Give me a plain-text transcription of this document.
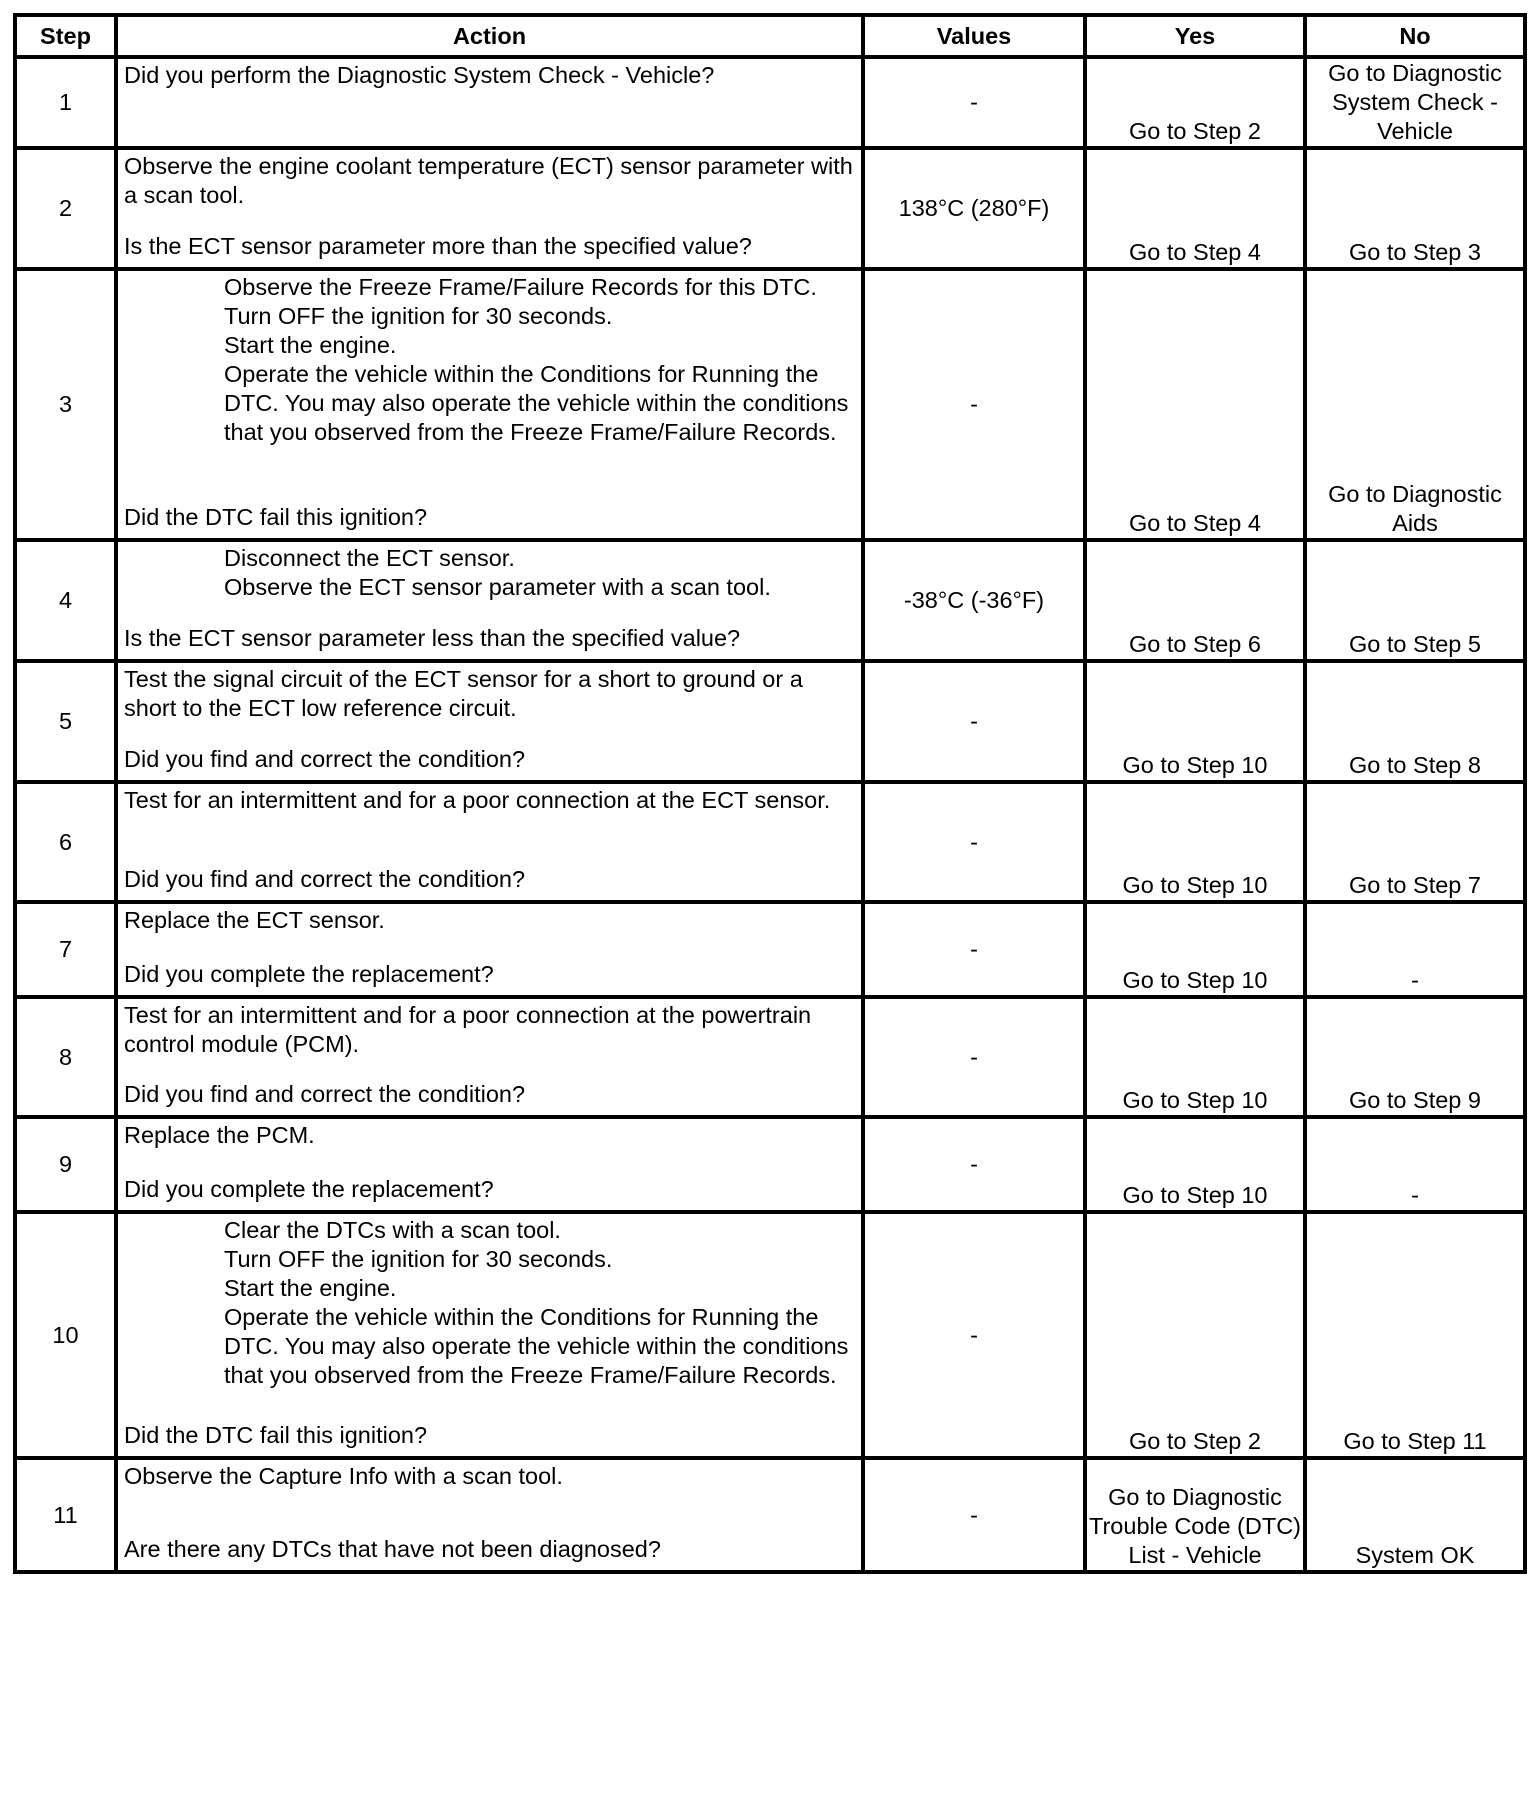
Step	Action	Values	Yes	No
1	Did you perform the Diagnostic System Check - Vehicle?	-	Go to Step 2	Go to Diagnostic System Check - Vehicle
2	Observe the engine coolant temperature (ECT) sensor parameter with a scan tool.
Is the ECT sensor parameter more than the specified value?	138°C (280°F)	Go to Step 4	Go to Step 3
3	Observe the Freeze Frame/Failure Records for this DTC.
Turn OFF the ignition for 30 seconds.
Start the engine.
Operate the vehicle within the Conditions for Running the DTC. You may also operate the vehicle within the conditions that you observed from the Freeze Frame/Failure Records.
Did the DTC fail this ignition?	-	Go to Step 4	Go to Diagnostic Aids
4	Disconnect the ECT sensor.
Observe the ECT sensor parameter with a scan tool.
Is the ECT sensor parameter less than the specified value?	-38°C (-36°F)	Go to Step 6	Go to Step 5
5	Test the signal circuit of the ECT sensor for a short to ground or a short to the ECT low reference circuit.
Did you find and correct the condition?	-	Go to Step 10	Go to Step 8
6	Test for an intermittent and for a poor connection at the ECT sensor.
Did you find and correct the condition?	-	Go to Step 10	Go to Step 7
7	Replace the ECT sensor.
Did you complete the replacement?	-	Go to Step 10	-
8	Test for an intermittent and for a poor connection at the powertrain control module (PCM).
Did you find and correct the condition?	-	Go to Step 10	Go to Step 9
9	Replace the PCM.
Did you complete the replacement?	-	Go to Step 10	-
10	Clear the DTCs with a scan tool.
Turn OFF the ignition for 30 seconds.
Start the engine.
Operate the vehicle within the Conditions for Running the DTC. You may also operate the vehicle within the conditions that you observed from the Freeze Frame/Failure Records.
Did the DTC fail this ignition?	-	Go to Step 2	Go to Step 11
11	Observe the Capture Info with a scan tool.
Are there any DTCs that have not been diagnosed?	-	Go to Diagnostic Trouble Code (DTC) List - Vehicle	System OK
